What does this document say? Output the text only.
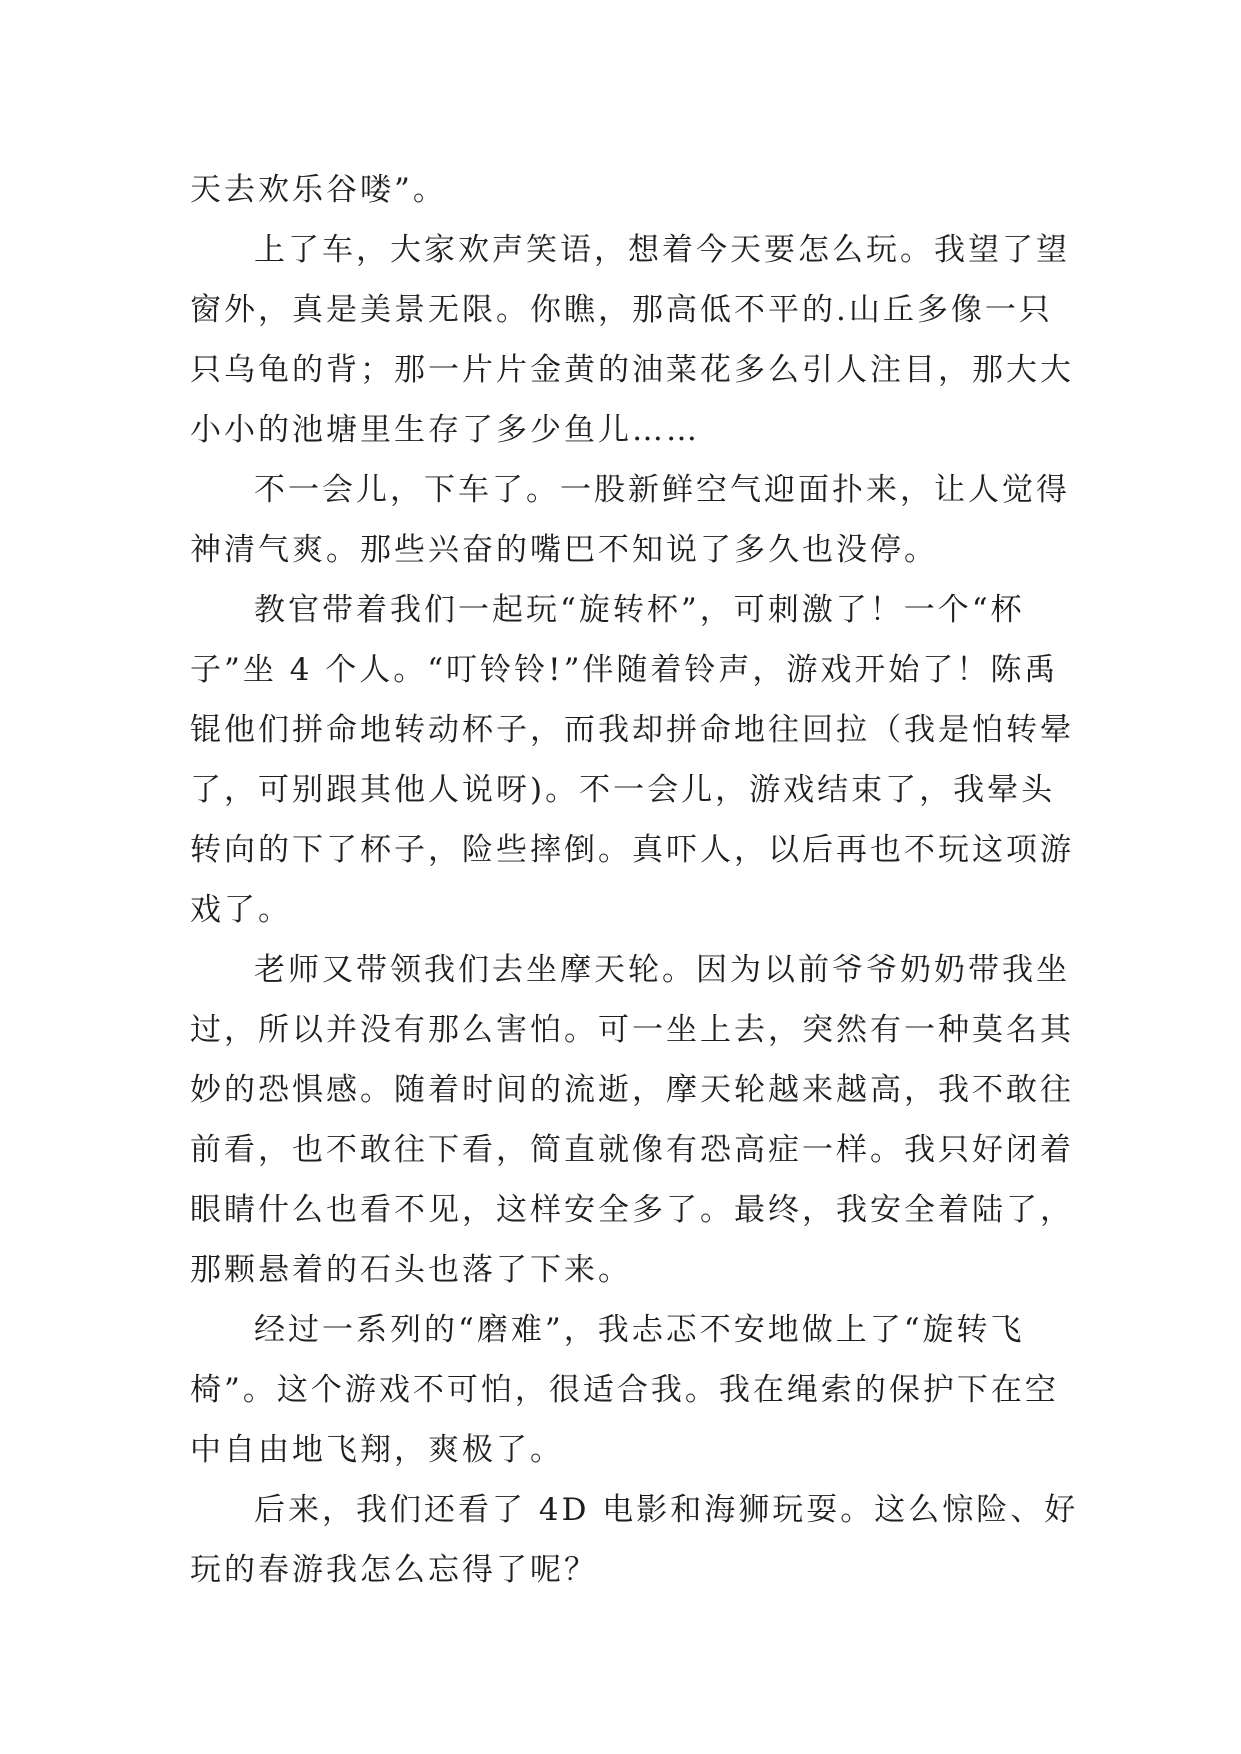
天去欢乐谷喽”。
上了车，大家欢声笑语，想着今天要怎么玩。我望了望
窗外，真是美景无限。你瞧，那高低不平的.山丘多像一只
只乌龟的背；那一片片金黄的油菜花多么引人注目，那大大
小小的池塘里生存了多少鱼儿……
不一会儿，下车了。一股新鲜空气迎面扑来，让人觉得
神清气爽。那些兴奋的嘴巴不知说了多久也没停。
教官带着我们一起玩“旋转杯”，可刺激了！一个“杯
子”坐 4 个人。“叮铃铃!”伴随着铃声，游戏开始了！陈禹
锟他们拼命地转动杯子，而我却拼命地往回拉（我是怕转晕
了，可别跟其他人说呀)。不一会儿，游戏结束了，我晕头
转向的下了杯子，险些摔倒。真吓人，以后再也不玩这项游
戏了。
老师又带领我们去坐摩天轮。因为以前爷爷奶奶带我坐
过，所以并没有那么害怕。可一坐上去，突然有一种莫名其
妙的恐惧感。随着时间的流逝，摩天轮越来越高，我不敢往
前看，也不敢往下看，简直就像有恐高症一样。我只好闭着
眼睛什么也看不见，这样安全多了。最终，我安全着陆了，
那颗悬着的石头也落了下来。
经过一系列的“磨难”，我忐忑不安地做上了“旋转飞
椅”。这个游戏不可怕，很适合我。我在绳索的保护下在空
中自由地飞翔，爽极了。
后来，我们还看了 4D 电影和海狮玩耍。这么惊险、好
玩的春游我怎么忘得了呢？
